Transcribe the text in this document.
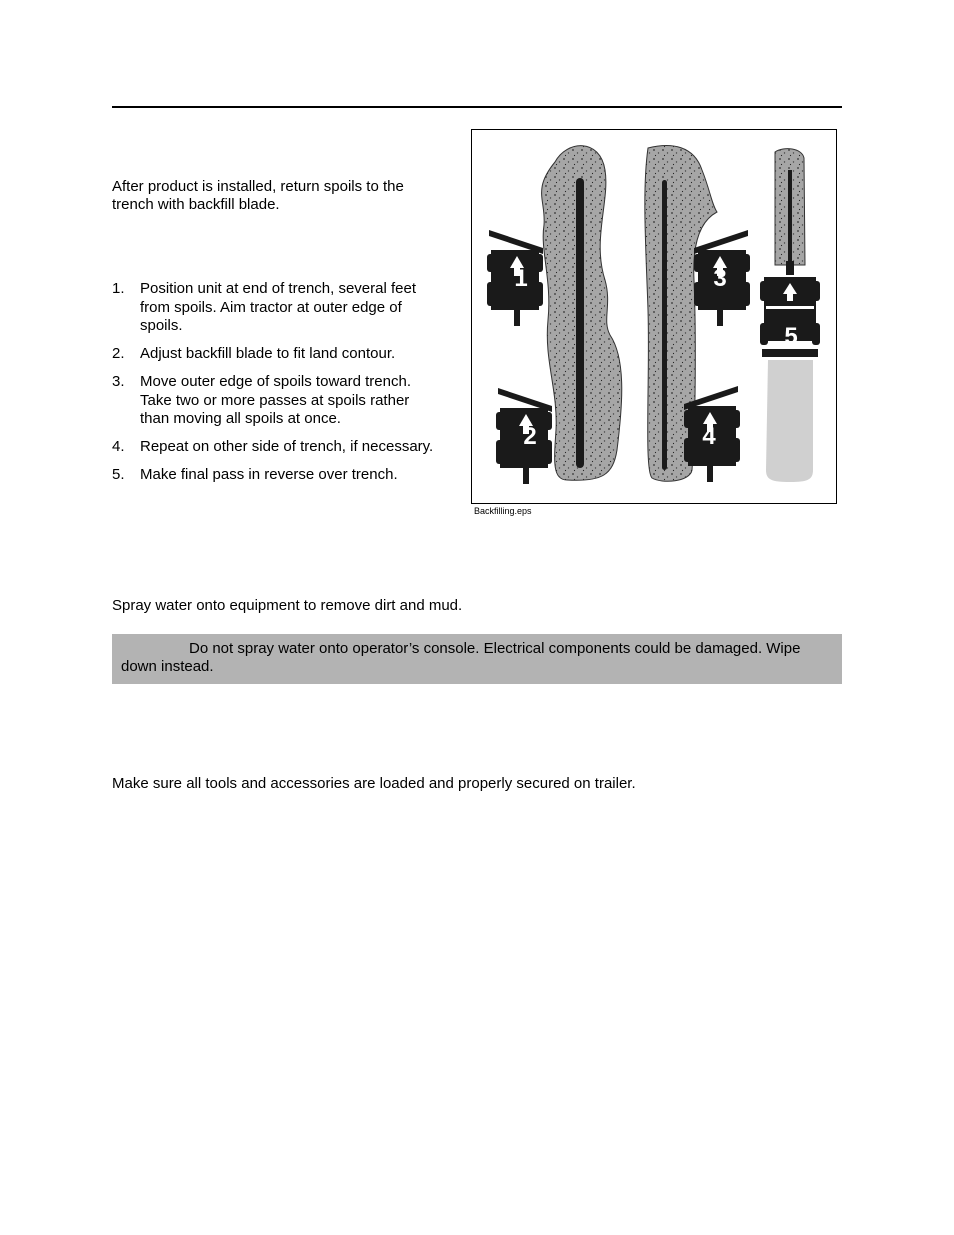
After product is installed, return spoils to the trench with backfill blade.

1. Position unit at end of trench, several feet from spoils. Aim tractor at outer edge of spoils.
2. Adjust backfill blade to fit land contour.
3. Move outer edge of spoils toward trench. Take two or more passes at spoils rather than moving all spoils at once.
4. Repeat on other side of trench, if necessary.
5. Make final pass in reverse over trench.
1
2
3
4
5
Backfilling.eps

Spray water onto equipment to remove dirt and mud.

Do not spray water onto operator’s console. Electrical components could be damaged. Wipe down instead.

Make sure all tools and accessories are loaded and properly secured on trailer.
